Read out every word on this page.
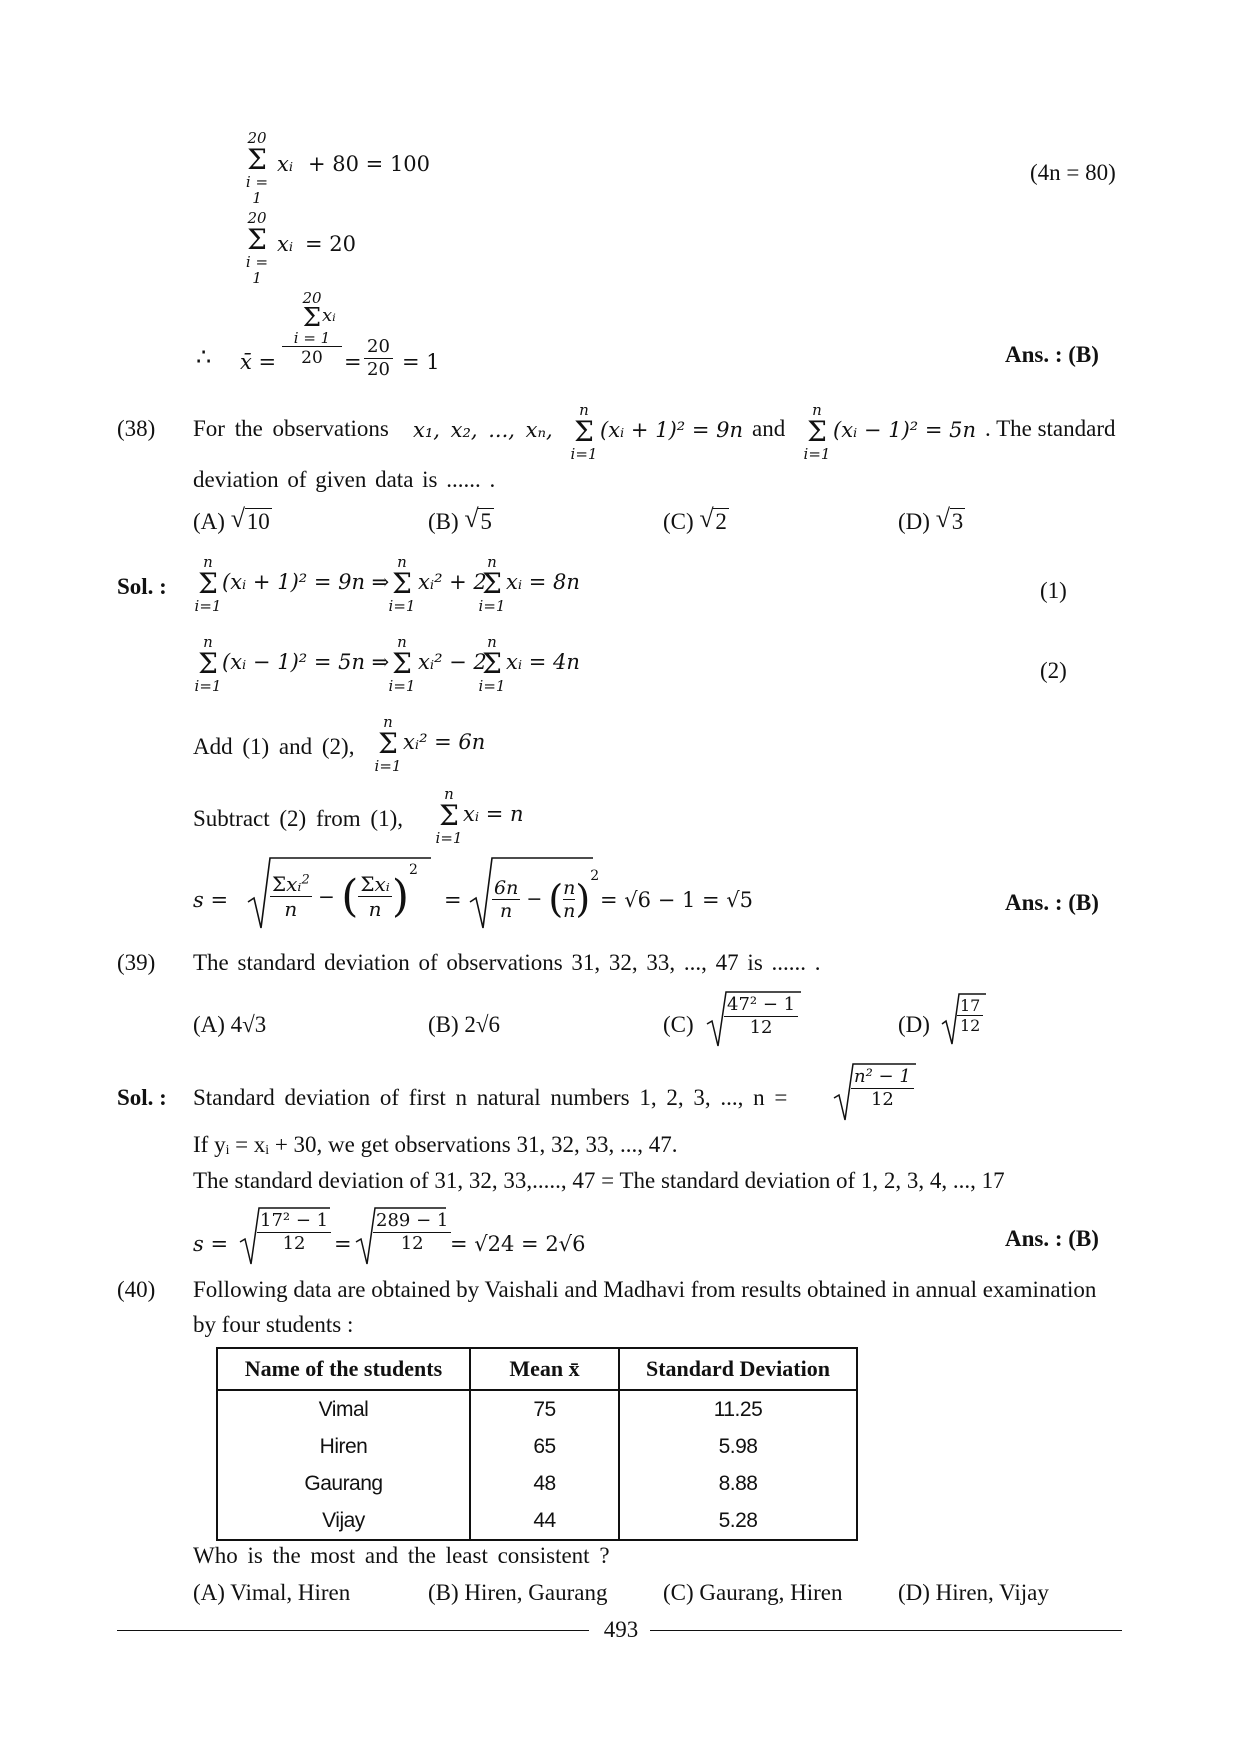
20
Σ
i = 1
xᵢ + 80 = 100	(4n = 80)
20
Σ
i = 1
xᵢ = 20
∴ x̄ =
20
Σ
i = 1
20
xᵢ
= $\frac{20}{20} = 1$	Ans. : (B)
(38) For the observations x₁, x₂, ..., xₙ,
n
Σ
i=1
(xᵢ + 1)² = 9n and
n
Σ
i=1
(xᵢ − 1)² = 5n . The standard
deviation of given data is ...... .
(A) √ 10	(B) √ 5	(C) √ 2	(D) √ 3
Sol. :
n
Σ
i=1
(xᵢ + 1)² = 9n ⇒
n
Σ
i=1
xᵢ² + 2
n
Σ
i=1
xᵢ = 8n	(1)
n
Σ
i=1
(xᵢ − 1)² = 5n ⇒
n
Σ
i=1
xᵢ² − 2
n
Σ
i=1
xᵢ = 4n	(2)
Add (1) and (2),
n
Σ
i=1
xᵢ² = 6n
Subtract (2) from (1),
n
Σ
i=1
xᵢ = n
s =
Σxᵢ$^2$
n
− ( Σxᵢ
n )$^2$
= $\frac{6n}{n}$ − ( $\frac{n}{n} )^2$
= √6 − 1 = √5	Ans. : (B)
(39) The standard deviation of observations 31, 32, 33, ..., 47 is ...... .
(A) 4√3	(B) 2√6	$(C) \frac{\text{47² − 1}}{12}$	$(D) \frac{17}{12}$
Sol. : Standard deviation of first n natural numbers 1, 2, 3, ..., n =	$\frac{\text{n² − 1}}{12}$
If yᵢ = xᵢ + 30, we get observations 31, 32, 33, ..., 47.
The standard deviation of 31, 32, 33,....., 47 = The standard deviation of 1, 2, 3, 4, ..., 17
$s = \frac{\text{17² − 1}}{12} = \frac{289 - 1}{12}$
= √24 = 2√6	Ans. : (B)
(40) Following data are obtained by Vaishali and Madhavi from results obtained in annual examination
by four students :
Name of the students	Mean x̄	Standard Deviation
Vimal	75	11.25
Hiren	65	5.98
Gaurang	48	8.88
Vijay	44	5.28
Who is the most and the least consistent ?
(A) Vimal, Hiren	(B) Hiren, Gaurang (C) Gaurang, Hiren (D) Hiren, Vijay
493
